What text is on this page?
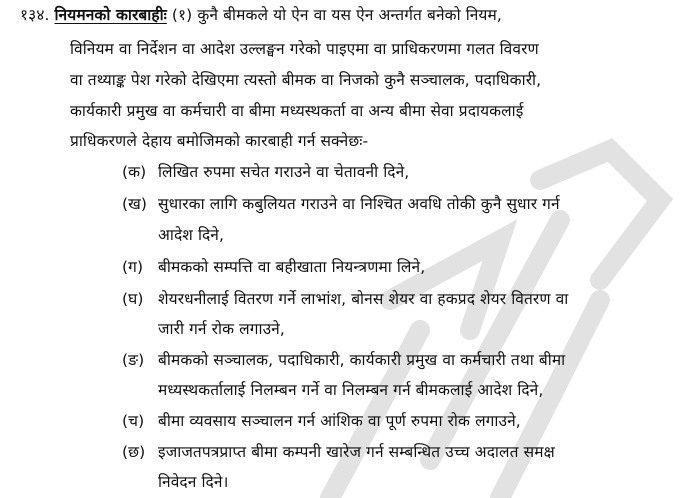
१३४. नियमनको कारबाहीः (१) कुनै बीमकले यो ऐन वा यस ऐन अन्तर्गत बनेको नियम,
विनियम वा निर्देशन वा आदेश उल्लङ्घन गरेको पाइएमा वा प्राधिकरणमा गलत विवरण
वा तथ्याङ्क पेश गरेको देखिएमा त्यस्तो बीमक वा निजको कुनै सञ्चालक, पदाधिकारी,
कार्यकारी प्रमुख वा कर्मचारी वा बीमा मध्यस्थकर्ता वा अन्य बीमा सेवा प्रदायकलाई
प्राधिकरणले देहाय बमोजिमको कारबाही गर्न सक्नेछः-
(क) लिखित रुपमा सचेत गराउने वा चेतावनी दिने,
(ख) सुधारका लागि कबुलियत गराउने वा निश्चित अवधि तोकी कुनै सुधार गर्न
आदेश दिने,
(ग) बीमकको सम्पत्ति वा बहीखाता नियन्त्रणमा लिने,
(घ) शेयरधनीलाई वितरण गर्ने लाभांश, बोनस शेयर वा हकप्रद शेयर वितरण वा
जारी गर्न रोक लगाउने,
(ङ) बीमकको सञ्चालक, पदाधिकारी, कार्यकारी प्रमुख वा कर्मचारी तथा बीमा
मध्यस्थकर्तालाई निलम्बन गर्ने वा निलम्बन गर्न बीमकलाई आदेश दिने,
(च) बीमा व्यवसाय सञ्चालन गर्न आंशिक वा पूर्ण रुपमा रोक लगाउने,
(छ) इजाजतपत्रप्राप्त बीमा कम्पनी खारेज गर्न सम्बन्धित उच्च अदालत समक्ष
निवेदन दिने।
